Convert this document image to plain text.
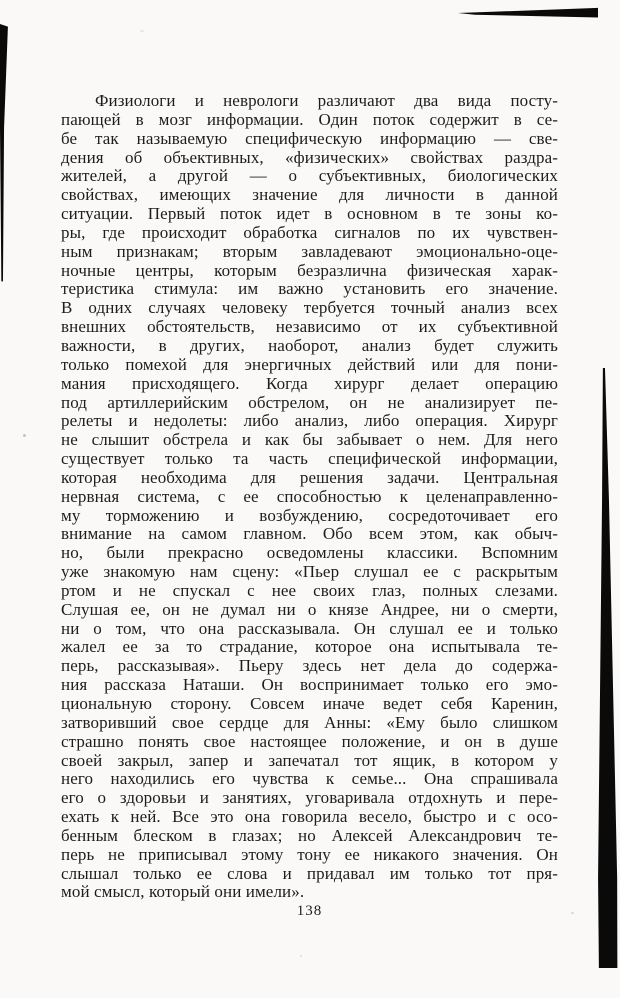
Физиологи и неврологи различают два вида посту-
пающей в мозг информации. Один поток содержит в се-
бе так называемую специфическую информацию — све-
дения об объективных, «физических» свойствах раздра-
жителей, а другой — о субъективных, биологических
свойствах, имеющих значение для личности в данной
ситуации. Первый поток идет в основном в те зоны ко-
ры, где происходит обработка сигналов по их чувствен-
ным признакам; вторым завладевают эмоционально-оце-
ночные центры, которым безразлична физическая харак-
теристика стимула: им важно установить его значение.
В одних случаях человеку тербуется точный анализ всех
внешних обстоятельств, независимо от их субъективной
важности, в других, наоборот, анализ будет служить
только помехой для энергичных действий или для пони-
мания присходящего. Когда хирург делает операцию
под артиллерийским обстрелом, он не анализирует пе-
релеты и недолеты: либо анализ, либо операция. Хирург
не слышит обстрела и как бы забывает о нем. Для него
существует только та часть специфической информации,
которая необходима для решения задачи. Центральная
нервная система, с ее способностью к целенаправленно-
му торможению и возбуждению, сосредоточивает его
внимание на самом главном. Обо всем этом, как обыч-
но, были прекрасно осведомлены классики. Вспомним
уже знакомую нам сцену: «Пьер слушал ее с раскрытым
ртом и не спускал с нее своих глаз, полных слезами.
Слушая ее, он не думал ни о князе Андрее, ни о смерти,
ни о том, что она рассказывала. Он слушал ее и только
жалел ее за то страдание, которое она испытывала те-
перь, рассказывая». Пьеру здесь нет дела до содержа-
ния рассказа Наташи. Он воспринимает только его эмо-
циональную сторону. Совсем иначе ведет себя Каренин,
затворивший свое сердце для Анны: «Ему было слишком
страшно понять свое настоящее положение, и он в душе
своей закрыл, запер и запечатал тот ящик, в котором у
него находились его чувства к семье... Она спрашивала
его о здоровьи и занятиях, уговаривала отдохнуть и пере-
ехать к ней. Все это она говорила весело, быстро и с осо-
бенным блеском в глазах; но Алексей Александрович те-
перь не приписывал этому тону ее никакого значения. Он
слышал только ее слова и придавал им только тот пря-
мой смысл, который они имели».
138
